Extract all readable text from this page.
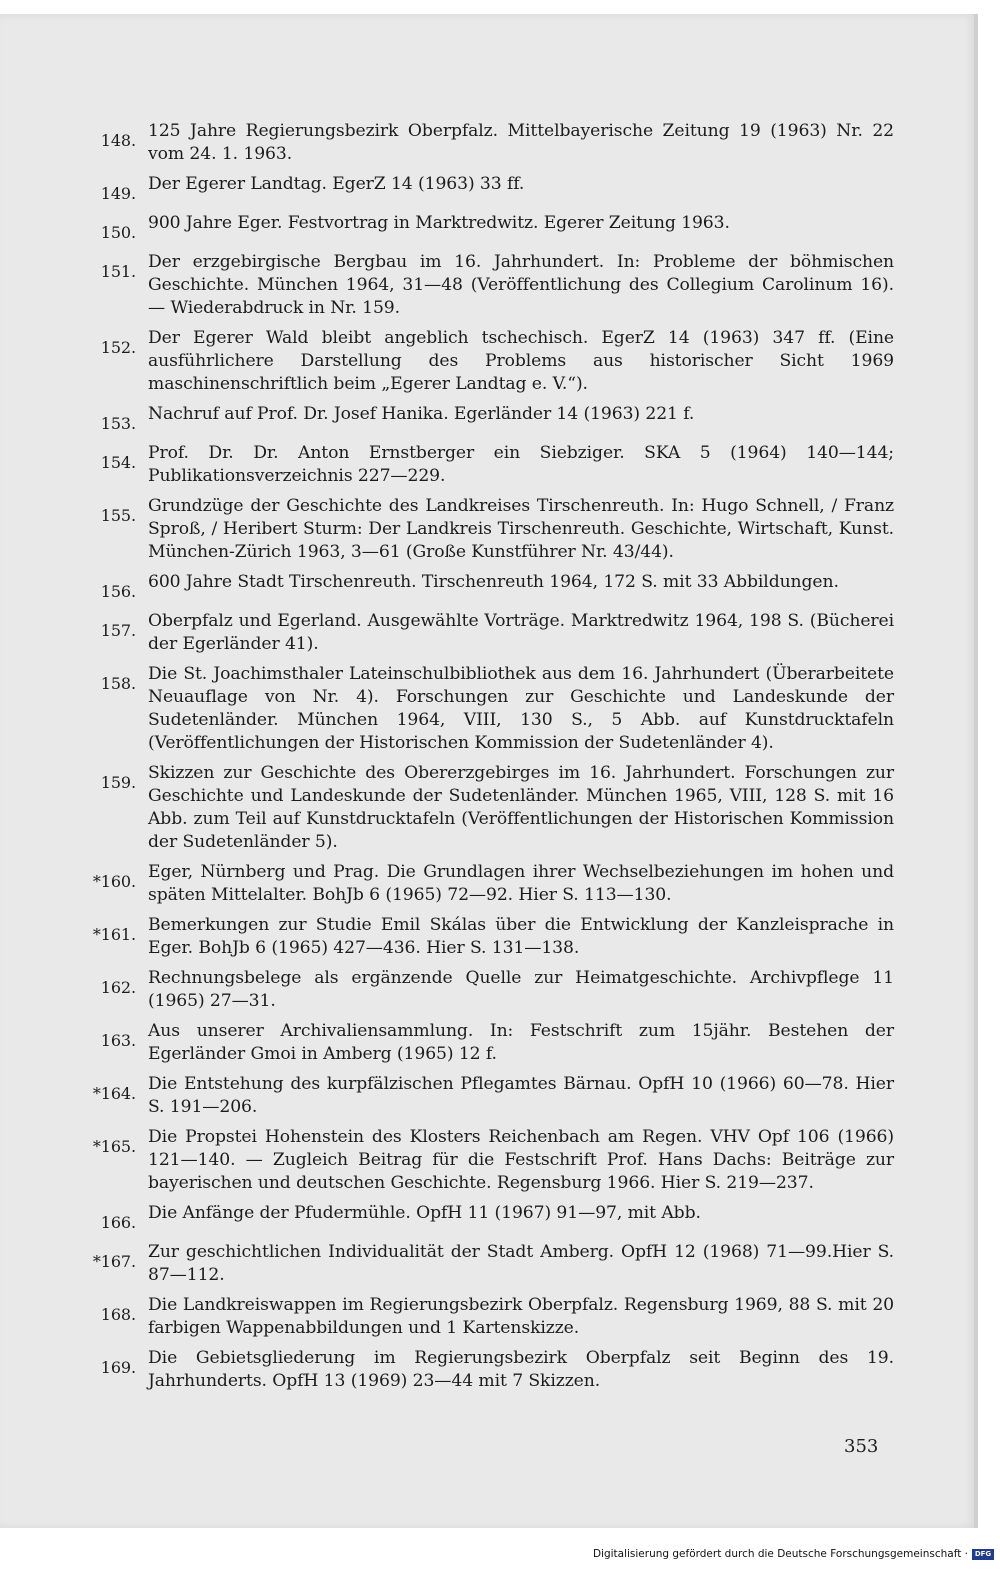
148. 125 Jahre Regierungsbezirk Oberpfalz. Mittelbayerische Zeitung 19 (1963) Nr. 22 vom 24. 1. 1963.
149. Der Egerer Landtag. EgerZ 14 (1963) 33 ff.
150. 900 Jahre Eger. Festvortrag in Marktredwitz. Egerer Zeitung 1963.
151. Der erzgebirgische Bergbau im 16. Jahrhundert. In: Probleme der böhmischen Geschichte. München 1964, 31—48 (Veröffentlichung des Collegium Carolinum 16). — Wiederabdruck in Nr. 159.
152. Der Egerer Wald bleibt angeblich tschechisch. EgerZ 14 (1963) 347 ff. (Eine ausführlichere Darstellung des Problems aus historischer Sicht 1969 maschinenschriftlich beim „Egerer Landtag e. V.“).
153. Nachruf auf Prof. Dr. Josef Hanika. Egerländer 14 (1963) 221 f.
154. Prof. Dr. Dr. Anton Ernstberger ein Siebziger. SKA 5 (1964) 140—144; Publikationsverzeichnis 227—229.
155. Grundzüge der Geschichte des Landkreises Tirschenreuth. In: Hugo Schnell, / Franz Sproß, / Heribert Sturm: Der Landkreis Tirschenreuth. Geschichte, Wirtschaft, Kunst. München-Zürich 1963, 3—61 (Große Kunstführer Nr. 43/44).
156. 600 Jahre Stadt Tirschenreuth. Tirschenreuth 1964, 172 S. mit 33 Abbildungen.
157. Oberpfalz und Egerland. Ausgewählte Vorträge. Marktredwitz 1964, 198 S. (Bücherei der Egerländer 41).
158. Die St. Joachimsthaler Lateinschulbibliothek aus dem 16. Jahrhundert (Überarbeitete Neuauflage von Nr. 4). Forschungen zur Geschichte und Landeskunde der Sudetenländer. München 1964, VIII, 130 S., 5 Abb. auf Kunstdrucktafeln (Veröffentlichungen der Historischen Kommission der Sudetenländer 4).
159. Skizzen zur Geschichte des Obererzgebirges im 16. Jahrhundert. Forschungen zur Geschichte und Landeskunde der Sudetenländer. München 1965, VIII, 128 S. mit 16 Abb. zum Teil auf Kunstdrucktafeln (Veröffentlichungen der Historischen Kommission der Sudetenländer 5).
*160. Eger, Nürnberg und Prag. Die Grundlagen ihrer Wechselbeziehungen im hohen und späten Mittelalter. BohJb 6 (1965) 72—92. Hier S. 113—130.
*161. Bemerkungen zur Studie Emil Skálas über die Entwicklung der Kanzleisprache in Eger. BohJb 6 (1965) 427—436. Hier S. 131—138.
162. Rechnungsbelege als ergänzende Quelle zur Heimatgeschichte. Archivpflege 11 (1965) 27—31.
163. Aus unserer Archivaliensammlung. In: Festschrift zum 15jähr. Bestehen der Egerländer Gmoi in Amberg (1965) 12 f.
*164. Die Entstehung des kurpfälzischen Pflegamtes Bärnau. OpfH 10 (1966) 60—78. Hier S. 191—206.
*165. Die Propstei Hohenstein des Klosters Reichenbach am Regen. VHV Opf 106 (1966) 121—140. — Zugleich Beitrag für die Festschrift Prof. Hans Dachs: Beiträge zur bayerischen und deutschen Geschichte. Regensburg 1966. Hier S. 219—237.
166. Die Anfänge der Pfudermühle. OpfH 11 (1967) 91—97, mit Abb.
*167. Zur geschichtlichen Individualität der Stadt Amberg. OpfH 12 (1968) 71—99.Hier S. 87—112.
168. Die Landkreiswappen im Regierungsbezirk Oberpfalz. Regensburg 1969, 88 S. mit 20 farbigen Wappenabbildungen und 1 Kartenskizze.
169. Die Gebietsgliederung im Regierungsbezirk Oberpfalz seit Beginn des 19. Jahrhunderts. OpfH 13 (1969) 23—44 mit 7 Skizzen.
353
Digitalisierung gefördert durch die Deutsche Forschungsgemeinschaft · DFG
